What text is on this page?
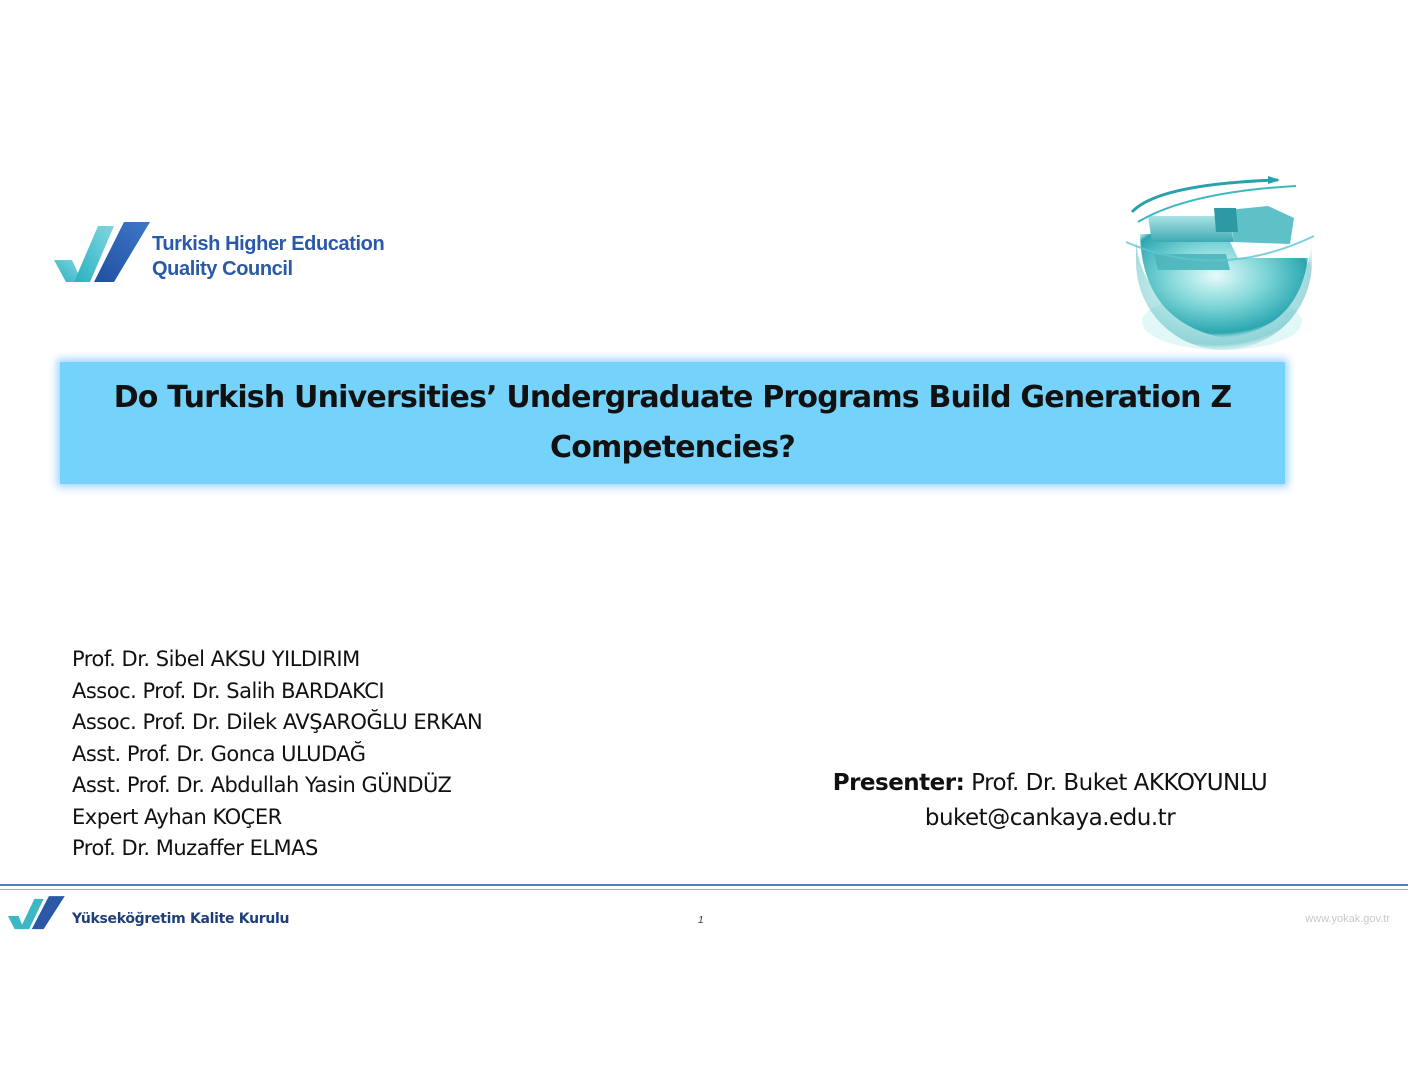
Turkish Higher Education
Quality Council
Do Turkish Universities’ Undergraduate Programs Build Generation Z Competencies?
Prof. Dr. Sibel AKSU YILDIRIM
Assoc. Prof. Dr. Salih BARDAKCI
Assoc. Prof. Dr. Dilek AVŞAROĞLU ERKAN
Asst. Prof. Dr. Gonca ULUDAĞ
Asst. Prof. Dr. Abdullah Yasin GÜNDÜZ
Expert Ayhan KOÇER
Prof. Dr. Muzaffer ELMAS
Presenter: Prof. Dr. Buket AKKOYUNLU
buket@cankaya.edu.tr
Yükseköğretim Kalite Kurulu	1	www.yokak.gov.tr
